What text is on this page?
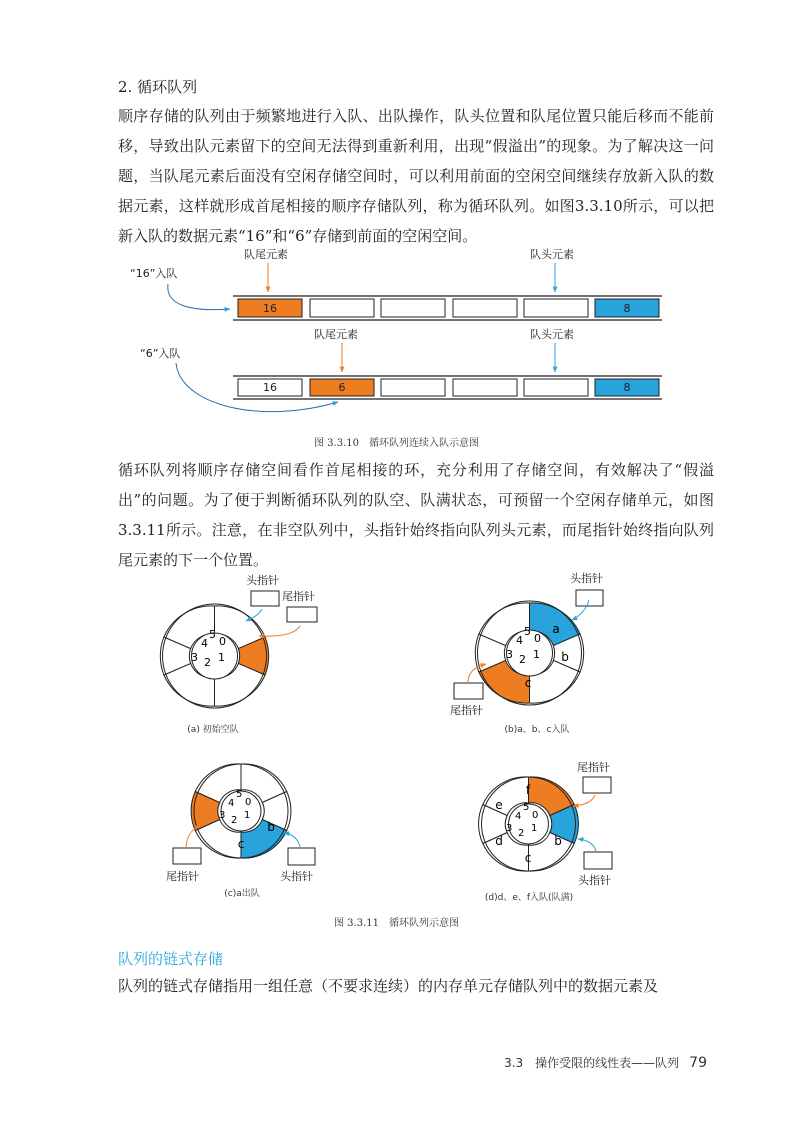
2. 循环队列
顺序存储的队列由于频繁地进行入队、出队操作，队头位置和队尾位置只能后移而不能前移，导致出队元素留下的空间无法得到重新利用，出现“假溢出”的现象。为了解决这一问题，当队尾元素后面没有空闲存储空间时，可以利用前面的空闲空间继续存放新入队的数据元素，这样就形成首尾相接的顺序存储队列，称为循环队列。如图3.3.10所示，可以把新入队的数据元素“16”和“6”存储到前面的空闲空间。
“16”入队
队尾元素	队头元素
16	8
“6”入队
队尾元素	队头元素
16	6	8
图 3.3.10　循环队列连续入队示意图
循环队列将顺序存储空间看作首尾相接的环，充分利用了存储空间，有效解决了“假溢出”的问题。为了便于判断循环队列的队空、队满状态，可预留一个空闲存储单元，如图3.3.11所示。注意，在非空队列中，头指针始终指向队列头元素，而尾指针始终指向队列尾元素的下一个位置。
5
0
4
1
3 2
头指针
尾指针
(a) 初始空队
5
0
4
1
3 2
a
b
c
头指针
尾指针
(b)a、b、c入队
5
0
4
1
3 2 b
c
尾指针	头指针
(c)a出队
5
0
4
1
3 2
b
c
d
e
f
尾指针
头指针
(d)d、e、f入队(队满)
图 3.3.11　循环队列示意图
队列的链式存储
队列的链式存储指用一组任意（不要求连续）的内存单元存储队列中的数据元素及
3.3　操作受限的线性表——队列 79
